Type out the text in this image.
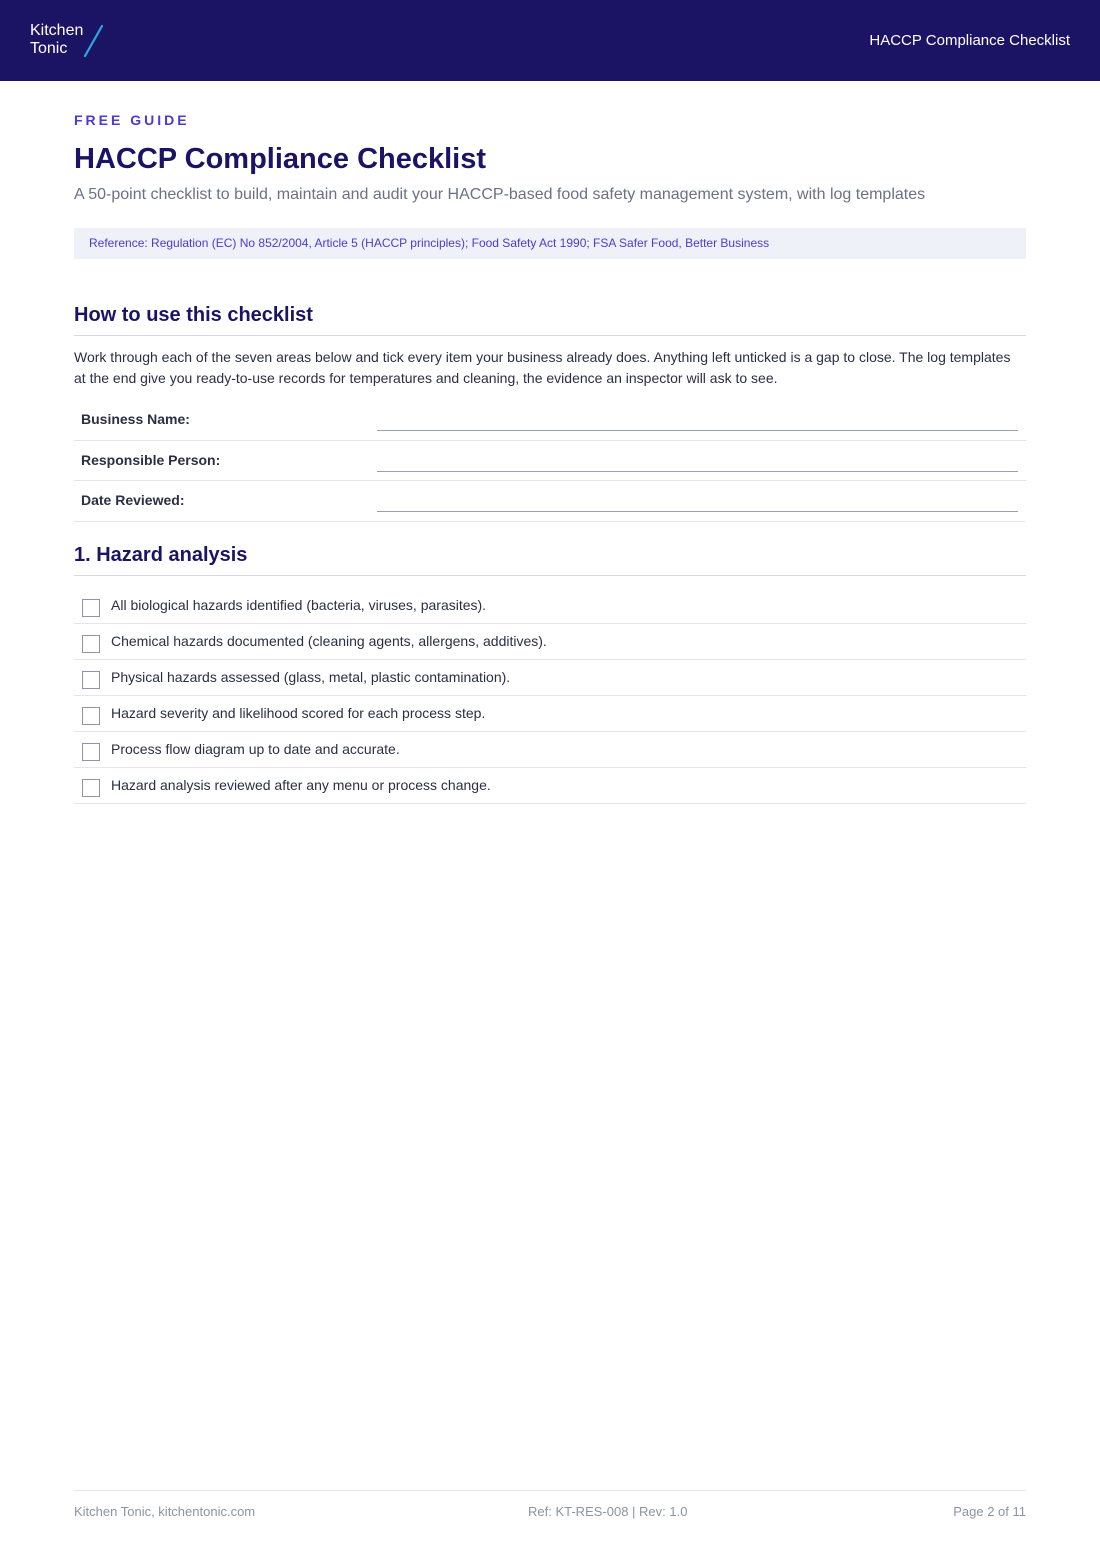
Kitchen
Tonic	HACCP Compliance Checklist
FREE GUIDE
HACCP Compliance Checklist

A 50-point checklist to build, maintain and audit your HACCP-based food safety management system, with log templates

Reference: Regulation (EC) No 852/2004, Article 5 (HACCP principles); Food Safety Act 1990; FSA Safer Food, Better Business
How to use this checklist

Work through each of the seven areas below and tick every item your business already does. Anything left unticked is a gap to close. The log templates at the end give you ready-to-use records for temperatures and cleaning, the evidence an inspector will ask to see.

Business Name:
Responsible Person:
Date Reviewed:
1. Hazard analysis
All biological hazards identified (bacteria, viruses, parasites).
Chemical hazards documented (cleaning agents, allergens, additives).
Physical hazards assessed (glass, metal, plastic contamination).
Hazard severity and likelihood scored for each process step.
Process flow diagram up to date and accurate.
Hazard analysis reviewed after any menu or process change.
Kitchen Tonic, kitchentonic.com	Ref: KT-RES-008 | Rev: 1.0	Page 2 of 11
